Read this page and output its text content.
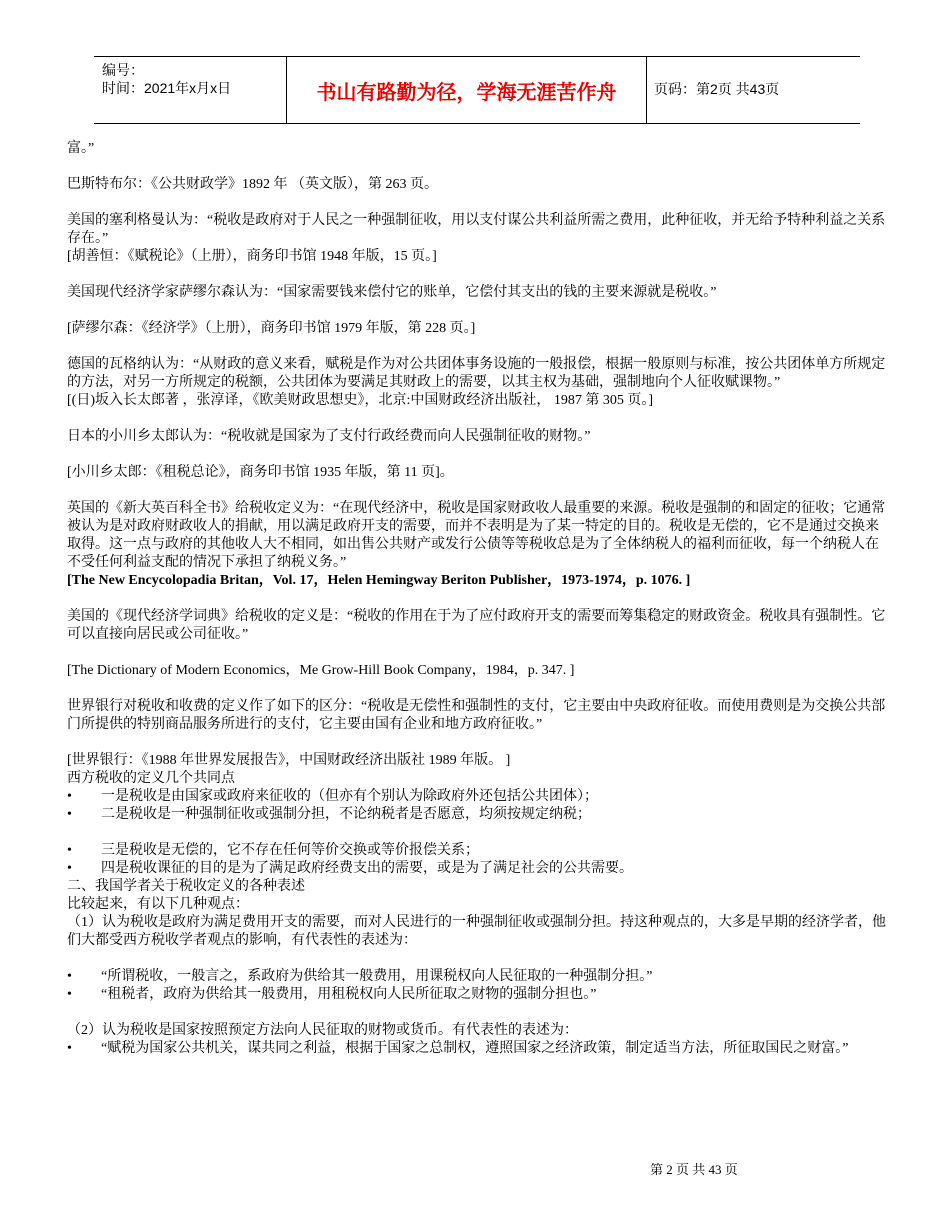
编号：
时间：2021年x月x日	书山有路勤为径，学海无涯苦作舟	页码：第2页 共43页

富。”

巴斯特布尔：《公共财政学》1892 年 （英文版），第 263 页。

美国的塞利格曼认为：“税收是政府对于人民之一种强制征收，用以支付谋公共利益所需之费用，此种征收，并无给予特种利益之关系存在。”

[胡善恒：《赋税论》（上册），商务印书馆 1948 年版，15 页。]

美国现代经济学家萨缪尔森认为：“国家需要钱来偿付它的账单，它偿付其支出的钱的主要来源就是税收。”

[萨缪尔森：《经济学》（上册），商务印书馆 1979 年版，第 228 页。]

德国的瓦格纳认为：“从财政的意义来看，赋税是作为对公共团体事务设施的一般报偿，根据一般原则与标准，按公共团体单方所规定的方法，对另一方所规定的税额，公共团体为要满足其财政上的需要，以其主权为基础，强制地向个人征收赋课物。”

[(日)坂入长太郎著 ，张淳译，《欧美财政思想史》，北京:中国财政经济出版社， 1987 第 305 页。]

日本的小川乡太郎认为：“税收就是国家为了支付行政经费而向人民强制征收的财物。”

[小川乡太郎：《租税总论》，商务印书馆 1935 年版，第 11 页]。

英国的《新大英百科全书》给税收定义为：“在现代经济中，税收是国家财政收人最重要的来源。税收是强制的和固定的征收；它通常被认为是对政府财政收人的捐献，用以满足政府开支的需要，而并不表明是为了某一特定的目的。税收是无偿的，它不是通过交换来取得。这一点与政府的其他收人大不相同，如出售公共财产或发行公债等等税收总是为了全体纳税人的福利而征收，每一个纳税人在不受任何利益支配的情况下承担了纳税义务。”

[The New Encycolopadia Britan，Vol. 17，Helen Hemingway Beriton Publisher，1973-1974，p. 1076. ]

美国的《现代经济学词典》给税收的定义是：“税收的作用在于为了应付政府开支的需要而筹集稳定的财政资金。税收具有强制性。它可以直接向居民或公司征收。”

[The Dictionary of Modern Economics，Me Grow-Hill Book Company，1984，p. 347. ]

世界银行对税收和收费的定义作了如下的区分：“税收是无偿性和强制性的支付，它主要由中央政府征收。而使用费则是为交换公共部门所提供的特别商品服务所进行的支付，它主要由国有企业和地方政府征收。”

[世界银行：《1988 年世界发展报告》，中国财政经济出版社 1989 年版。 ]

西方税收的定义几个共同点

• 一是税收是由国家或政府来征收的（但亦有个别认为除政府外还包括公共团体）；
• 二是税收是一种强制征收或强制分担，不论纳税者是否愿意，均须按规定纳税；
• 三是税收是无偿的，它不存在任何等价交换或等价报偿关系；
• 四是税收课征的目的是为了满足政府经费支出的需要，或是为了满足社会的公共需要。

二、我国学者关于税收定义的各种表述

比较起来，有以下几种观点：

（1）认为税收是政府为满足费用开支的需要，而对人民进行的一种强制征收或强制分担。持这种观点的，大多是早期的经济学者，他们大都受西方税收学者观点的影响，有代表性的表述为：

• “所谓税收，一般言之，系政府为供给其一般费用，用课税权向人民征取的一种强制分担。”
• “租税者，政府为供给其一般费用，用租税权向人民所征取之财物的强制分担也。”

（2）认为税收是国家按照预定方法向人民征取的财物或货币。有代表性的表述为：

• “赋税为国家公共机关，谋共同之利益，根据于国家之总制权，遵照国家之经济政策，制定适当方法，所征取国民之财富。”
第 2 页 共 43 页
